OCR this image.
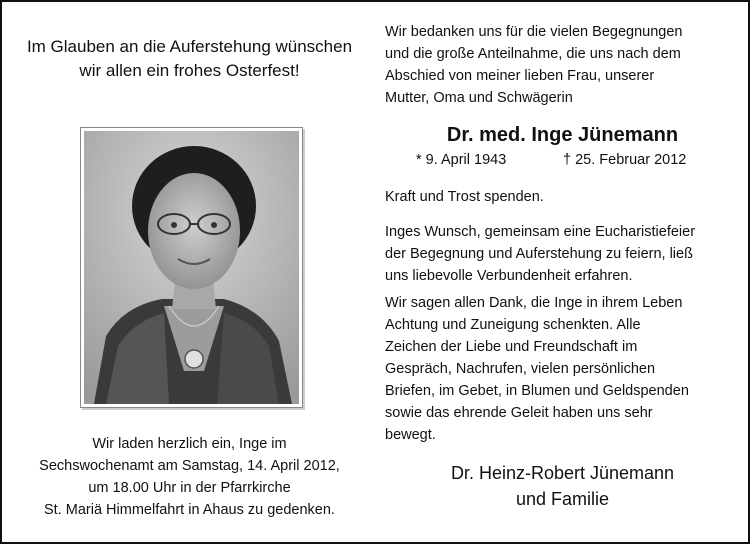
Im Glauben an die Auferstehung wünschen
wir allen ein frohes Osterfest!
Wir laden herzlich ein, Inge im
Sechswochenamt am Samstag, 14. April 2012,
um 18.00 Uhr in der Pfarrkirche
St. Mariä Himmelfahrt in Ahaus zu gedenken.
Wir bedanken uns für die vielen Begegnungen
und die große Anteilnahme, die uns nach dem
Abschied von meiner lieben Frau, unserer
Mutter, Oma und Schwägerin
Dr. med. Inge Jünemann
* 9. April 1943	† 25. Februar 2012
Kraft und Trost spenden.
Inges Wunsch, gemeinsam eine Eucharistiefeier
der Begegnung und Auferstehung zu feiern, ließ
uns liebevolle Verbundenheit erfahren.
Wir sagen allen Dank, die Inge in ihrem Leben
Achtung und Zuneigung schenkten. Alle
Zeichen der Liebe und Freundschaft im
Gespräch, Nachrufen, vielen persönlichen
Briefen, im Gebet, in Blumen und Geldspenden
sowie das ehrende Geleit haben uns sehr
bewegt.
Dr. Heinz-Robert Jünemann
und Familie
